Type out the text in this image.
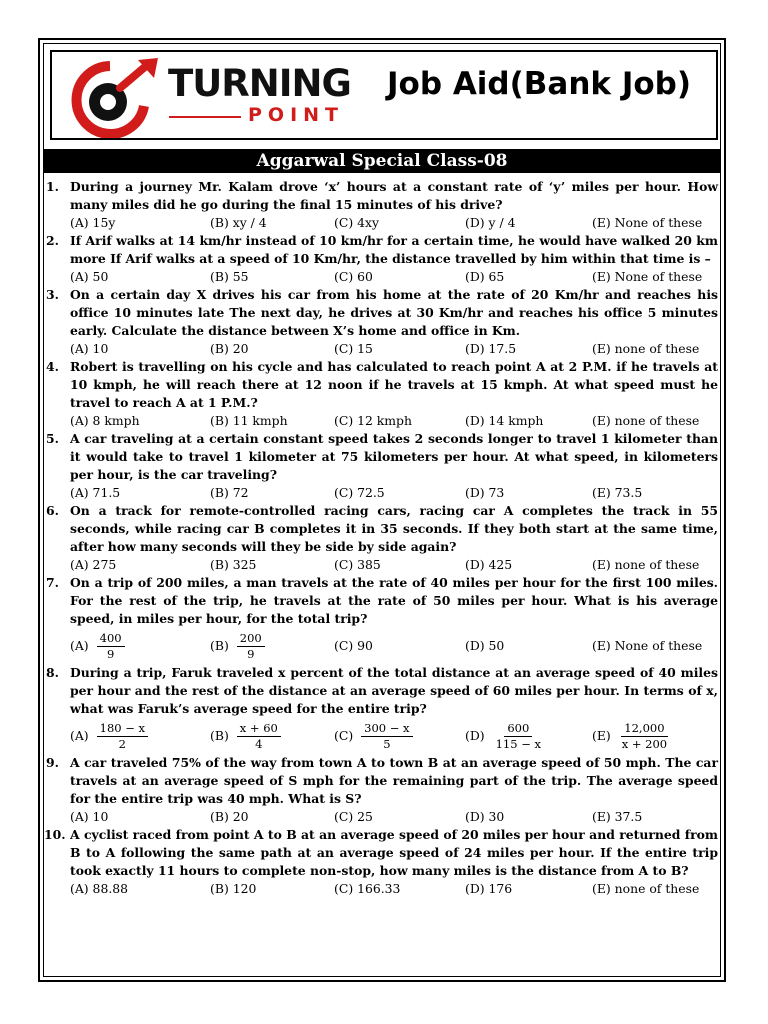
TURNING
POINT
Job Aid(Bank Job)
Aggarwal Special Class-08
1. During a journey Mr. Kalam drove ‘x’ hours at a constant rate of ‘y’ miles per hour. How many miles did he go during the final 15 minutes of his drive?
(A) 15y	(B) xy / 4	(C) 4xy	(D) y / 4	(E) None of these
2. If Arif walks at 14 km/hr instead of 10 km/hr for a certain time, he would have walked 20 km more If Arif walks at a speed of 10 Km/hr, the distance travelled by him within that time is –
(A) 50	(B) 55	(C) 60	(D) 65	(E) None of these
3. On a certain day X drives his car from his home at the rate of 20 Km/hr and reaches his office 10 minutes late The next day, he drives at 30 Km/hr and reaches his office 5 minutes early. Calculate the distance between X’s home and office in Km.
(A) 10	(B) 20	(C) 15	(D) 17.5	(E) none of these
4. Robert is travelling on his cycle and has calculated to reach point A at 2 P.M. if he travels at 10 kmph, he will reach there at 12 noon if he travels at 15 kmph. At what speed must he travel to reach A at 1 P.M.?
(A) 8 kmph	(B) 11 kmph	(C) 12 kmph	(D) 14 kmph	(E) none of these
5. A car traveling at a certain constant speed takes 2 seconds longer to travel 1 kilometer than it would take to travel 1 kilometer at 75 kilometers per hour. At what speed, in kilometers per hour, is the car traveling?
(A) 71.5	(B) 72	(C) 72.5	(D) 73	(E) 73.5
6. On a track for remote-controlled racing cars, racing car A completes the track in 55 seconds, while racing car B completes it in 35 seconds. If they both start at the same time, after how many seconds will they be side by side again?
(A) 275	(B) 325	(C) 385	(D) 425	(E) none of these
7. On a trip of 200 miles, a man travels at the rate of 40 miles per hour for the first 100 miles. For the rest of the trip, he travels at the rate of 50 miles per hour. What is his average speed, in miles per hour, for the total trip?
$(A) \frac{400}{9}$	$(B) \frac{200}{9}$	(C) 90	(D) 50	(E) None of these
8. During a trip, Faruk traveled x percent of the total distance at an average speed of 40 miles per hour and the rest of the distance at an average speed of 60 miles per hour. In terms of x, what was Faruk’s average speed for the entire trip?
$(A) \frac{180 - x}{2}$	$(B) \frac{x + 60}{4}$	$(C) \frac{300 - x}{5}$	$(D) \frac{600}{115 - x}$	$(E) \frac{12,000}{x + 200}$
9. A car traveled 75% of the way from town A to town B at an average speed of 50 mph. The car travels at an average speed of S mph for the remaining part of the trip. The average speed for the entire trip was 40 mph. What is S?
(A) 10	(B) 20	(C) 25	(D) 30	(E) 37.5
10. A cyclist raced from point A to B at an average speed of 20 miles per hour and returned from B to A following the same path at an average speed of 24 miles per hour. If the entire trip took exactly 11 hours to complete non-stop, how many miles is the distance from A to B?
(A) 88.88	(B) 120	(C) 166.33	(D) 176	(E) none of these
